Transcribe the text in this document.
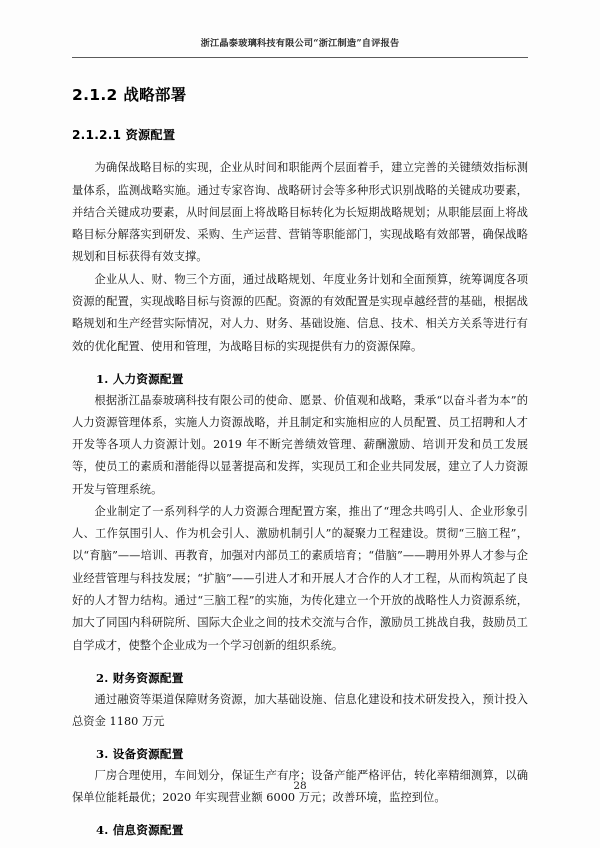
浙江晶泰玻璃科技有限公司“浙江制造”自评报告
2.1.2 战略部署
2.1.2.1 资源配置

为确保战略目标的实现，企业从时间和职能两个层面着手，建立完善的关键绩效指标测量体系，监测战略实施。通过专家咨询、战略研讨会等多种形式识别战略的关键成功要素，并结合关键成功要素，从时间层面上将战略目标转化为长短期战略规划；从职能层面上将战略目标分解落实到研发、采购、生产运营、营销等职能部门，实现战略有效部署，确保战略规划和目标获得有效支撑。

企业从人、财、物三个方面，通过战略规划、年度业务计划和全面预算，统筹调度各项资源的配置，实现战略目标与资源的匹配。资源的有效配置是实现卓越经营的基础，根据战略规划和生产经营实际情况，对人力、财务、基础设施、信息、技术、相关方关系等进行有效的优化配置、使用和管理，为战略目标的实现提供有力的资源保障。

1. 人力资源配置

根据浙江晶泰玻璃科技有限公司的使命、愿景、价值观和战略，秉承“以奋斗者为本”的人力资源管理体系，实施人力资源战略，并且制定和实施相应的人员配置、员工招聘和人才开发等各项人力资源计划。2019 年不断完善绩效管理、薪酬激励、培训开发和员工发展等，使员工的素质和潜能得以显著提高和发挥，实现员工和企业共同发展，建立了人力资源开发与管理系统。

企业制定了一系列科学的人力资源合理配置方案，推出了“理念共鸣引人、企业形象引人、工作氛围引人、作为机会引人、激励机制引人”的凝聚力工程建设。贯彻“三脑工程”，以“育脑”——培训、再教育，加强对内部员工的素质培育；“借脑”——聘用外界人才参与企业经营管理与科技发展；“扩脑”——引进人才和开展人才合作的人才工程，从而构筑起了良好的人才智力结构。通过“三脑工程”的实施，为传化建立一个开放的战略性人力资源系统，加大了同国内科研院所、国际大企业之间的技术交流与合作，激励员工挑战自我，鼓励员工自学成才，使整个企业成为一个学习创新的组织系统。

2. 财务资源配置

通过融资等渠道保障财务资源，加大基础设施、信息化建设和技术研发投入，预计投入总资金 1180 万元

3. 设备资源配置

厂房合理使用，车间划分，保证生产有序；设备产能严格评估，转化率精细测算，以确保单位能耗最优；2020 年实现营业额 6000 万元；改善环境，监控到位。

4. 信息资源配置
28
